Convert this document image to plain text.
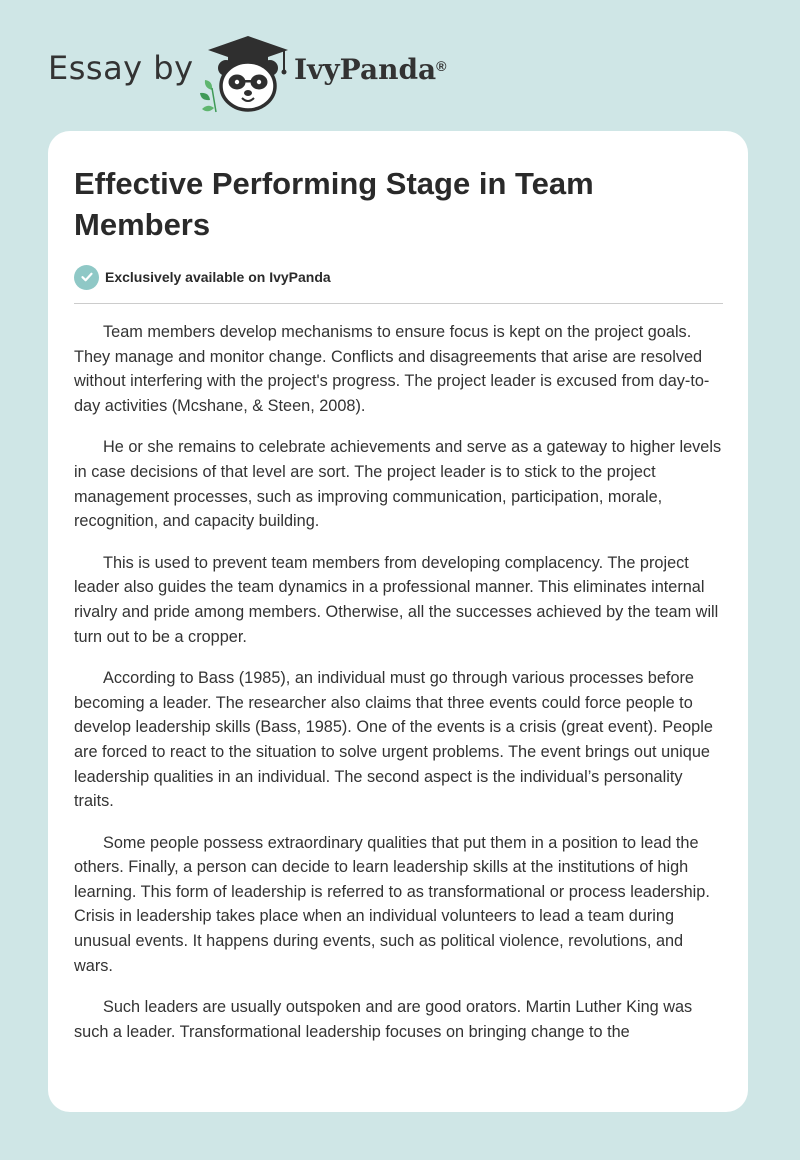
Essay by	IvyPanda®
Effective Performing Stage in Team Members
Exclusively available on IvyPanda

Team members develop mechanisms to ensure focus is kept on the project goals. They manage and monitor change. Conflicts and disagreements that arise are resolved without interfering with the project's progress. The project leader is excused from day-to-day activities (Mcshane, & Steen, 2008).

He or she remains to celebrate achievements and serve as a gateway to higher levels in case decisions of that level are sort. The project leader is to stick to the project management processes, such as improving communication, participation, morale, recognition, and capacity building.

This is used to prevent team members from developing complacency. The project leader also guides the team dynamics in a professional manner. This eliminates internal rivalry and pride among members. Otherwise, all the successes achieved by the team will turn out to be a cropper.

According to Bass (1985), an individual must go through various processes before becoming a leader. The researcher also claims that three events could force people to develop leadership skills (Bass, 1985). One of the events is a crisis (great event). People are forced to react to the situation to solve urgent problems. The event brings out unique leadership qualities in an individual. The second aspect is the individual’s personality traits.

Some people possess extraordinary qualities that put them in a position to lead the others. Finally, a person can decide to learn leadership skills at the institutions of high learning. This form of leadership is referred to as transformational or process leadership. Crisis in leadership takes place when an individual volunteers to lead a team during unusual events. It happens during events, such as political violence, revolutions, and wars.

Such leaders are usually outspoken and are good orators. Martin Luther King was such a leader. Transformational leadership focuses on bringing change to the
